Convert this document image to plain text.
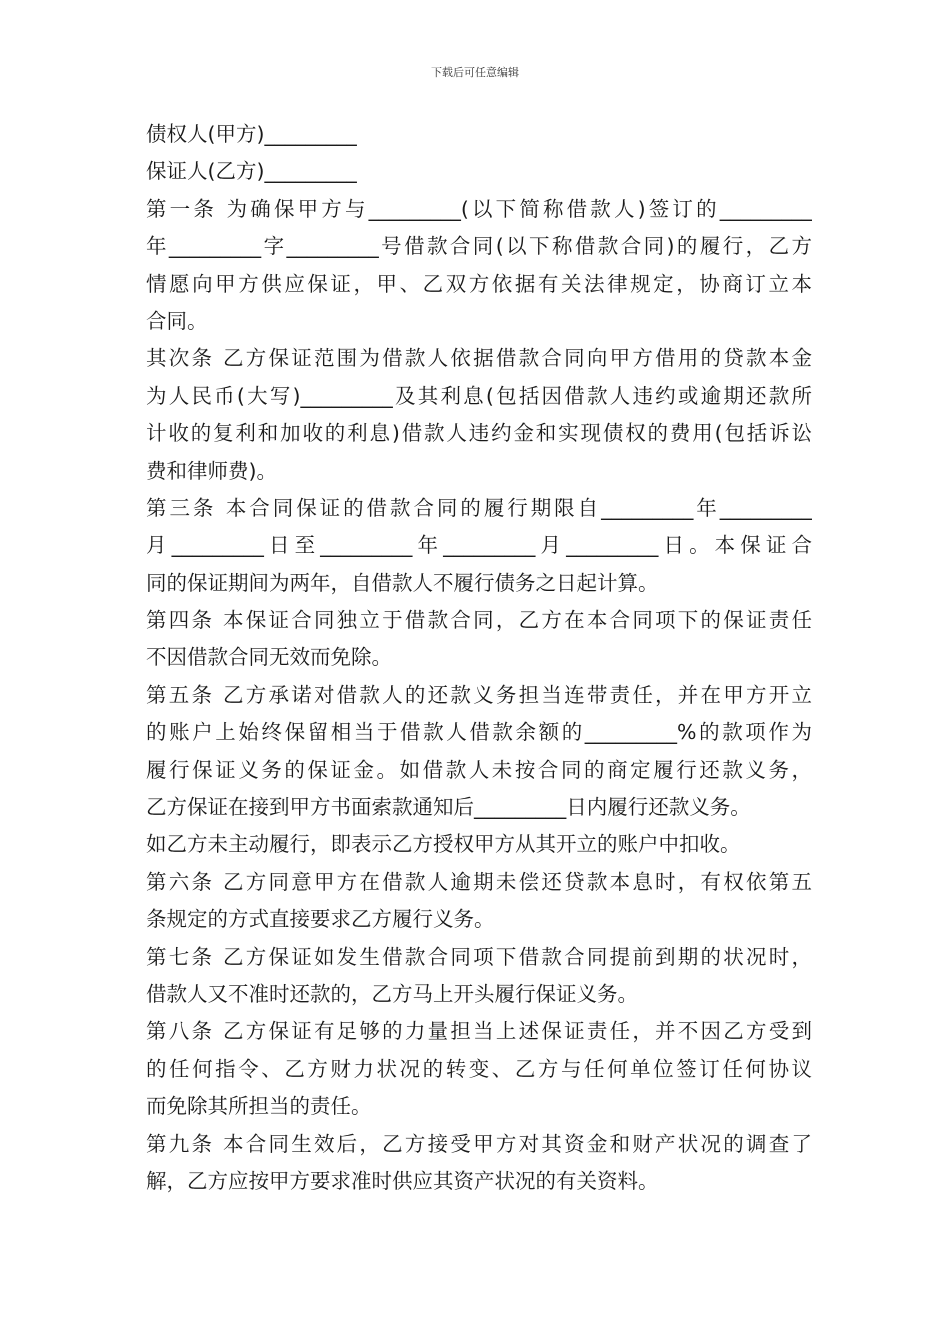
下载后可任意编辑
债权人(甲方)_________
保证人(乙方)_________
第一条 为确保甲方与_________(以下简称借款人)签订的_________
年_________字_________号借款合同(以下称借款合同)的履行，乙方
情愿向甲方供应保证，甲、乙双方依据有关法律规定，协商订立本
合同。
其次条 乙方保证范围为借款人依据借款合同向甲方借用的贷款本金
为人民币(大写)_________及其利息(包括因借款人违约或逾期还款所
计收的复利和加收的利息)借款人违约金和实现债权的费用(包括诉讼
费和律师费)。
第三条 本合同保证的借款合同的履行期限自_________年_________
月_________日至_________年_________月_________日。本保证合
同的保证期间为两年，自借款人不履行债务之日起计算。
第四条 本保证合同独立于借款合同，乙方在本合同项下的保证责任
不因借款合同无效而免除。
第五条 乙方承诺对借款人的还款义务担当连带责任，并在甲方开立
的账户上始终保留相当于借款人借款余额的_________%的款项作为
履行保证义务的保证金。如借款人未按合同的商定履行还款义务，
乙方保证在接到甲方书面索款通知后_________日内履行还款义务。
如乙方未主动履行，即表示乙方授权甲方从其开立的账户中扣收。
第六条 乙方同意甲方在借款人逾期未偿还贷款本息时，有权依第五
条规定的方式直接要求乙方履行义务。
第七条 乙方保证如发生借款合同项下借款合同提前到期的状况时，
借款人又不准时还款的，乙方马上开头履行保证义务。
第八条 乙方保证有足够的力量担当上述保证责任，并不因乙方受到
的任何指令、乙方财力状况的转变、乙方与任何单位签订任何协议
而免除其所担当的责任。
第九条 本合同生效后，乙方接受甲方对其资金和财产状况的调查了
解，乙方应按甲方要求准时供应其资产状况的有关资料。
